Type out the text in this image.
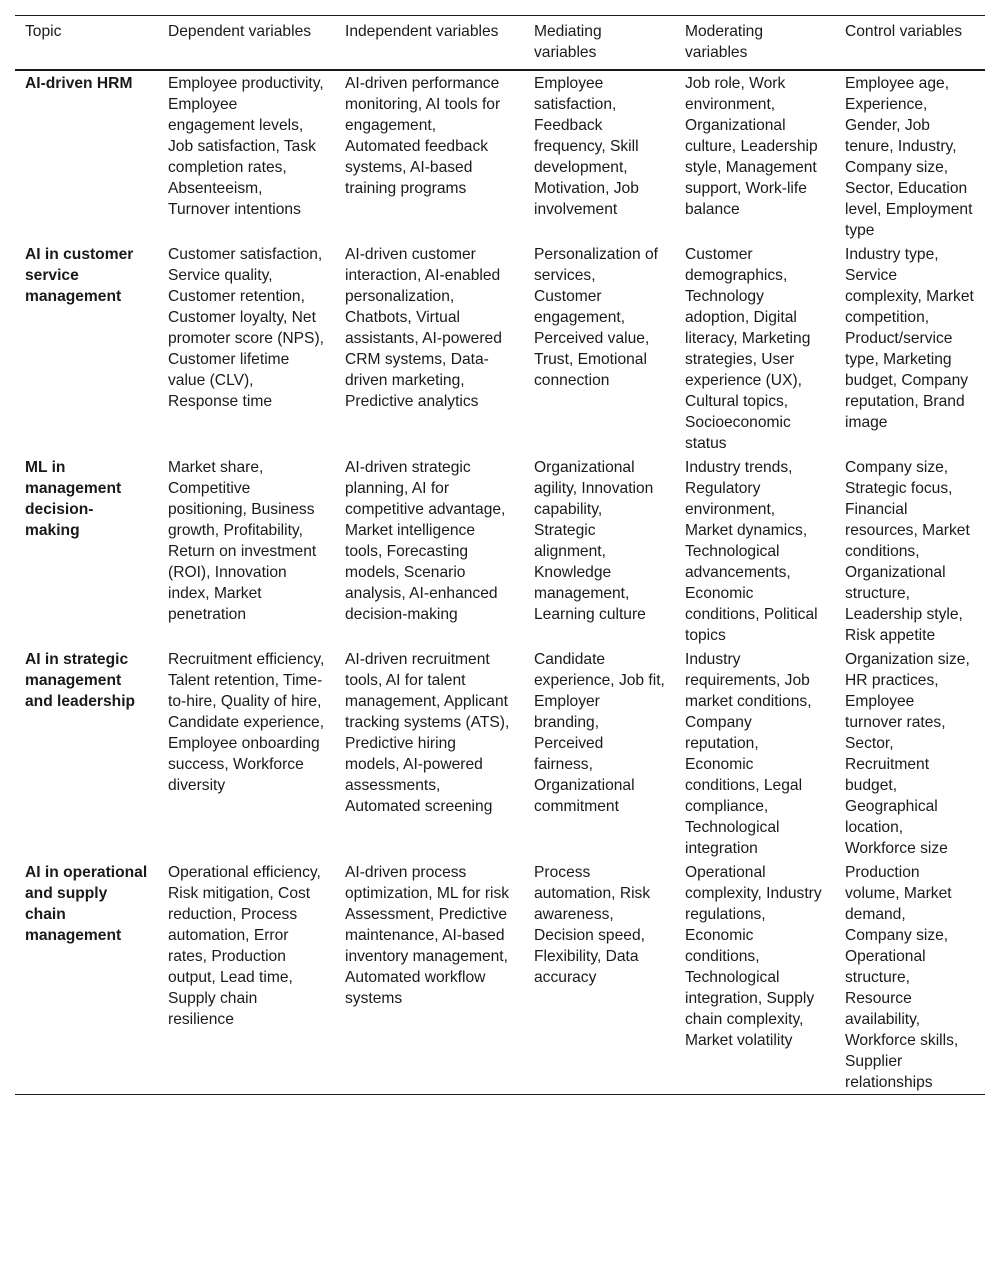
Topic	Dependent variables	Independent variables	Mediating variables	Moderating variables	Control variables
AI-driven HRM	Employee productivity, Employee engagement levels, Job satisfaction, Task completion rates, Absenteeism, Turnover intentions	AI-driven performance monitoring, AI tools for engagement, Automated feedback systems, AI-based training programs	Employee satisfaction, Feedback frequency, Skill development, Motivation, Job involvement	Job role, Work environment, Organizational culture, Leadership style, Management support, Work-life balance	Employee age, Experience, Gender, Job tenure, Industry, Company size, Sector, Education level, Employment type
AI in customer service management	Customer satisfaction, Service quality, Customer retention, Customer loyalty, Net promoter score (NPS), Customer lifetime value (CLV), Response time	AI-driven customer interaction, AI-enabled personalization, Chatbots, Virtual assistants, AI-powered CRM systems, Data-driven marketing, Predictive analytics	Personalization of services, Customer engagement, Perceived value, Trust, Emotional connection	Customer demographics, Technology adoption, Digital literacy, Marketing strategies, User experience (UX), Cultural topics, Socioeconomic status	Industry type, Service complexity, Market competition, Product/service type, Marketing budget, Company reputation, Brand image
ML in management decision-making	Market share, Competitive positioning, Business growth, Profitability, Return on investment (ROI), Innovation index, Market penetration	AI-driven strategic planning, AI for competitive advantage, Market intelligence tools, Forecasting models, Scenario analysis, AI-enhanced decision-making	Organizational agility, Innovation capability, Strategic alignment, Knowledge management, Learning culture	Industry trends, Regulatory environment, Market dynamics, Technological advancements, Economic conditions, Political topics	Company size, Strategic focus, Financial resources, Market conditions, Organizational structure, Leadership style, Risk appetite
AI in strategic management and leadership	Recruitment efficiency, Talent retention, Time-to-hire, Quality of hire, Candidate experience, Employee onboarding success, Workforce diversity	AI-driven recruitment tools, AI for talent management, Applicant tracking systems (ATS), Predictive hiring models, AI-powered assessments, Automated screening	Candidate experience, Job fit, Employer branding, Perceived fairness, Organizational commitment	Industry requirements, Job market conditions, Company reputation, Economic conditions, Legal compliance, Technological integration	Organization size, HR practices, Employee turnover rates, Sector, Recruitment budget, Geographical location, Workforce size
AI in operational and supply chain management	Operational efficiency, Risk mitigation, Cost reduction, Process automation, Error rates, Production output, Lead time, Supply chain resilience	AI-driven process optimization, ML for risk Assessment, Predictive maintenance, AI-based inventory management, Automated workflow systems	Process automation, Risk awareness, Decision speed, Flexibility, Data accuracy	Operational complexity, Industry regulations, Economic conditions, Technological integration, Supply chain complexity, Market volatility	Production volume, Market demand, Company size, Operational structure, Resource availability, Workforce skills, Supplier relationships
